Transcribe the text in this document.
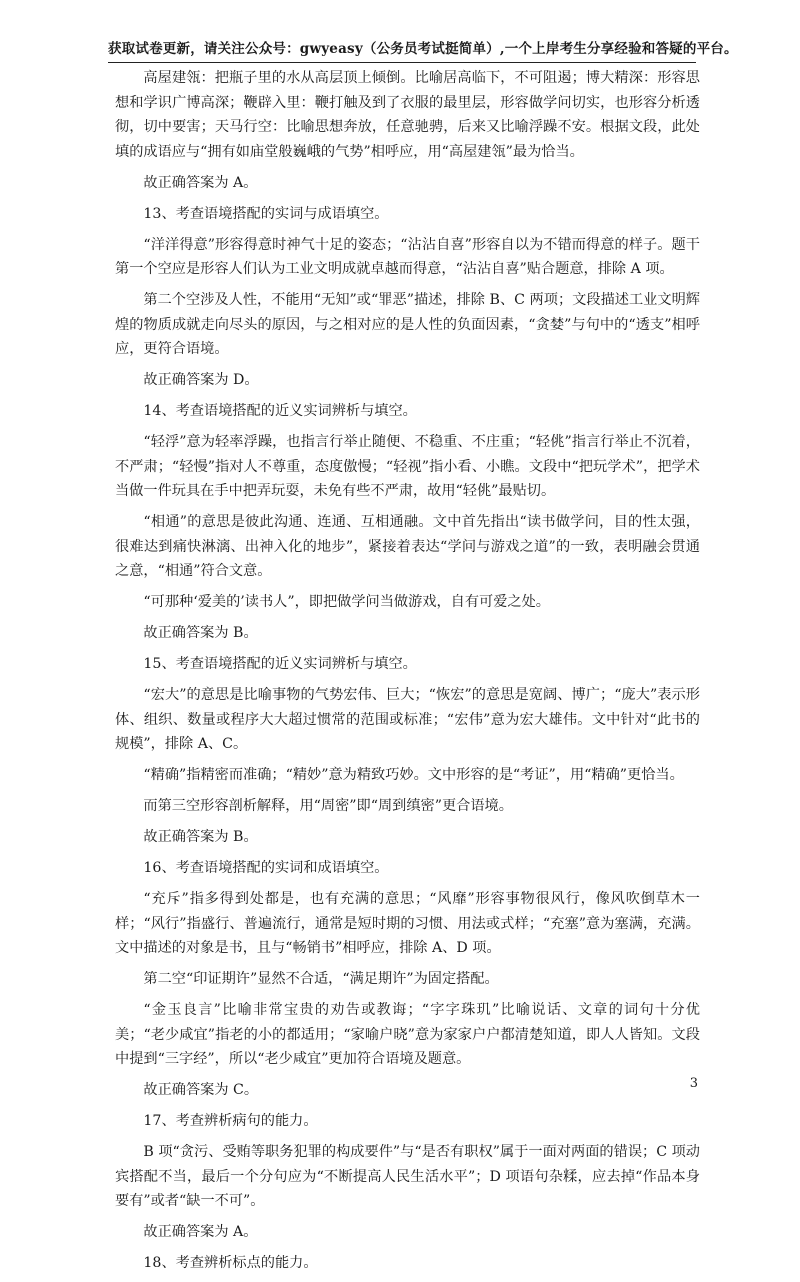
获取试卷更新，请关注公众号：gwyeasy（公务员考试挺简单）,一个上岸考生分享经验和答疑的平台。

高屋建瓴：把瓶子里的水从高层顶上倾倒。比喻居高临下，不可阻遏；博大精深：形容思想和学识广博高深；鞭辟入里：鞭打触及到了衣服的最里层，形容做学问切实，也形容分析透彻，切中要害；天马行空：比喻思想奔放，任意驰骋，后来又比喻浮躁不安。根据文段，此处填的成语应与“拥有如庙堂般巍峨的气势”相呼应，用“高屋建瓴”最为恰当。

故正确答案为 A。

13、考查语境搭配的实词与成语填空。

“洋洋得意”形容得意时神气十足的姿态；“沾沾自喜”形容自以为不错而得意的样子。题干第一个空应是形容人们认为工业文明成就卓越而得意，“沾沾自喜”贴合题意，排除 A 项。

第二个空涉及人性，不能用“无知”或“罪恶”描述，排除 B、C 两项；文段描述工业文明辉煌的物质成就走向尽头的原因，与之相对应的是人性的负面因素，“贪婪”与句中的“透支”相呼应，更符合语境。

故正确答案为 D。

14、考查语境搭配的近义实词辨析与填空。

“轻浮”意为轻率浮躁，也指言行举止随便、不稳重、不庄重；“轻佻”指言行举止不沉着，不严肃；“轻慢”指对人不尊重，态度傲慢；“轻视”指小看、小瞧。文段中“把玩学术”，把学术当做一件玩具在手中把弄玩耍，未免有些不严肃，故用“轻佻”最贴切。

“相通”的意思是彼此沟通、连通、互相通融。文中首先指出“读书做学问，目的性太强，很难达到痛快淋漓、出神入化的地步”，紧接着表达“学问与游戏之道”的一致，表明融会贯通之意，“相通”符合文意。

“可那种‘爱美的’读书人”，即把做学问当做游戏，自有可爱之处。

故正确答案为 B。

15、考查语境搭配的近义实词辨析与填空。

“宏大”的意思是比喻事物的气势宏伟、巨大；“恢宏”的意思是宽阔、博广；“庞大”表示形体、组织、数量或程序大大超过惯常的范围或标准；“宏伟”意为宏大雄伟。文中针对“此书的规模”，排除 A、C。

“精确”指精密而准确；“精妙”意为精致巧妙。文中形容的是“考证”，用“精确”更恰当。

而第三空形容剖析解释，用“周密”即“周到缜密”更合语境。

故正确答案为 B。

16、考查语境搭配的实词和成语填空。

“充斥”指多得到处都是，也有充满的意思；“风靡”形容事物很风行，像风吹倒草木一样；“风行”指盛行、普遍流行，通常是短时期的习惯、用法或式样；“充塞”意为塞满，充满。文中描述的对象是书，且与“畅销书”相呼应，排除 A、D 项。

第二空“印证期许”显然不合适，“满足期许”为固定搭配。

“金玉良言”比喻非常宝贵的劝告或教诲；“字字珠玑”比喻说话、文章的词句十分优美；“老少咸宜”指老的小的都适用；“家喻户晓”意为家家户户都清楚知道，即人人皆知。文段中提到“三字经”，所以“老少咸宜”更加符合语境及题意。

故正确答案为 C。

17、考查辨析病句的能力。

B 项“贪污、受贿等职务犯罪的构成要件”与“是否有职权”属于一面对两面的错误；C 项动宾搭配不当，最后一个分句应为“不断提高人民生活水平”；D 项语句杂糅，应去掉“作品本身要有”或者“缺一不可”。

故正确答案为 A。

18、考查辨析标点的能力。

3
